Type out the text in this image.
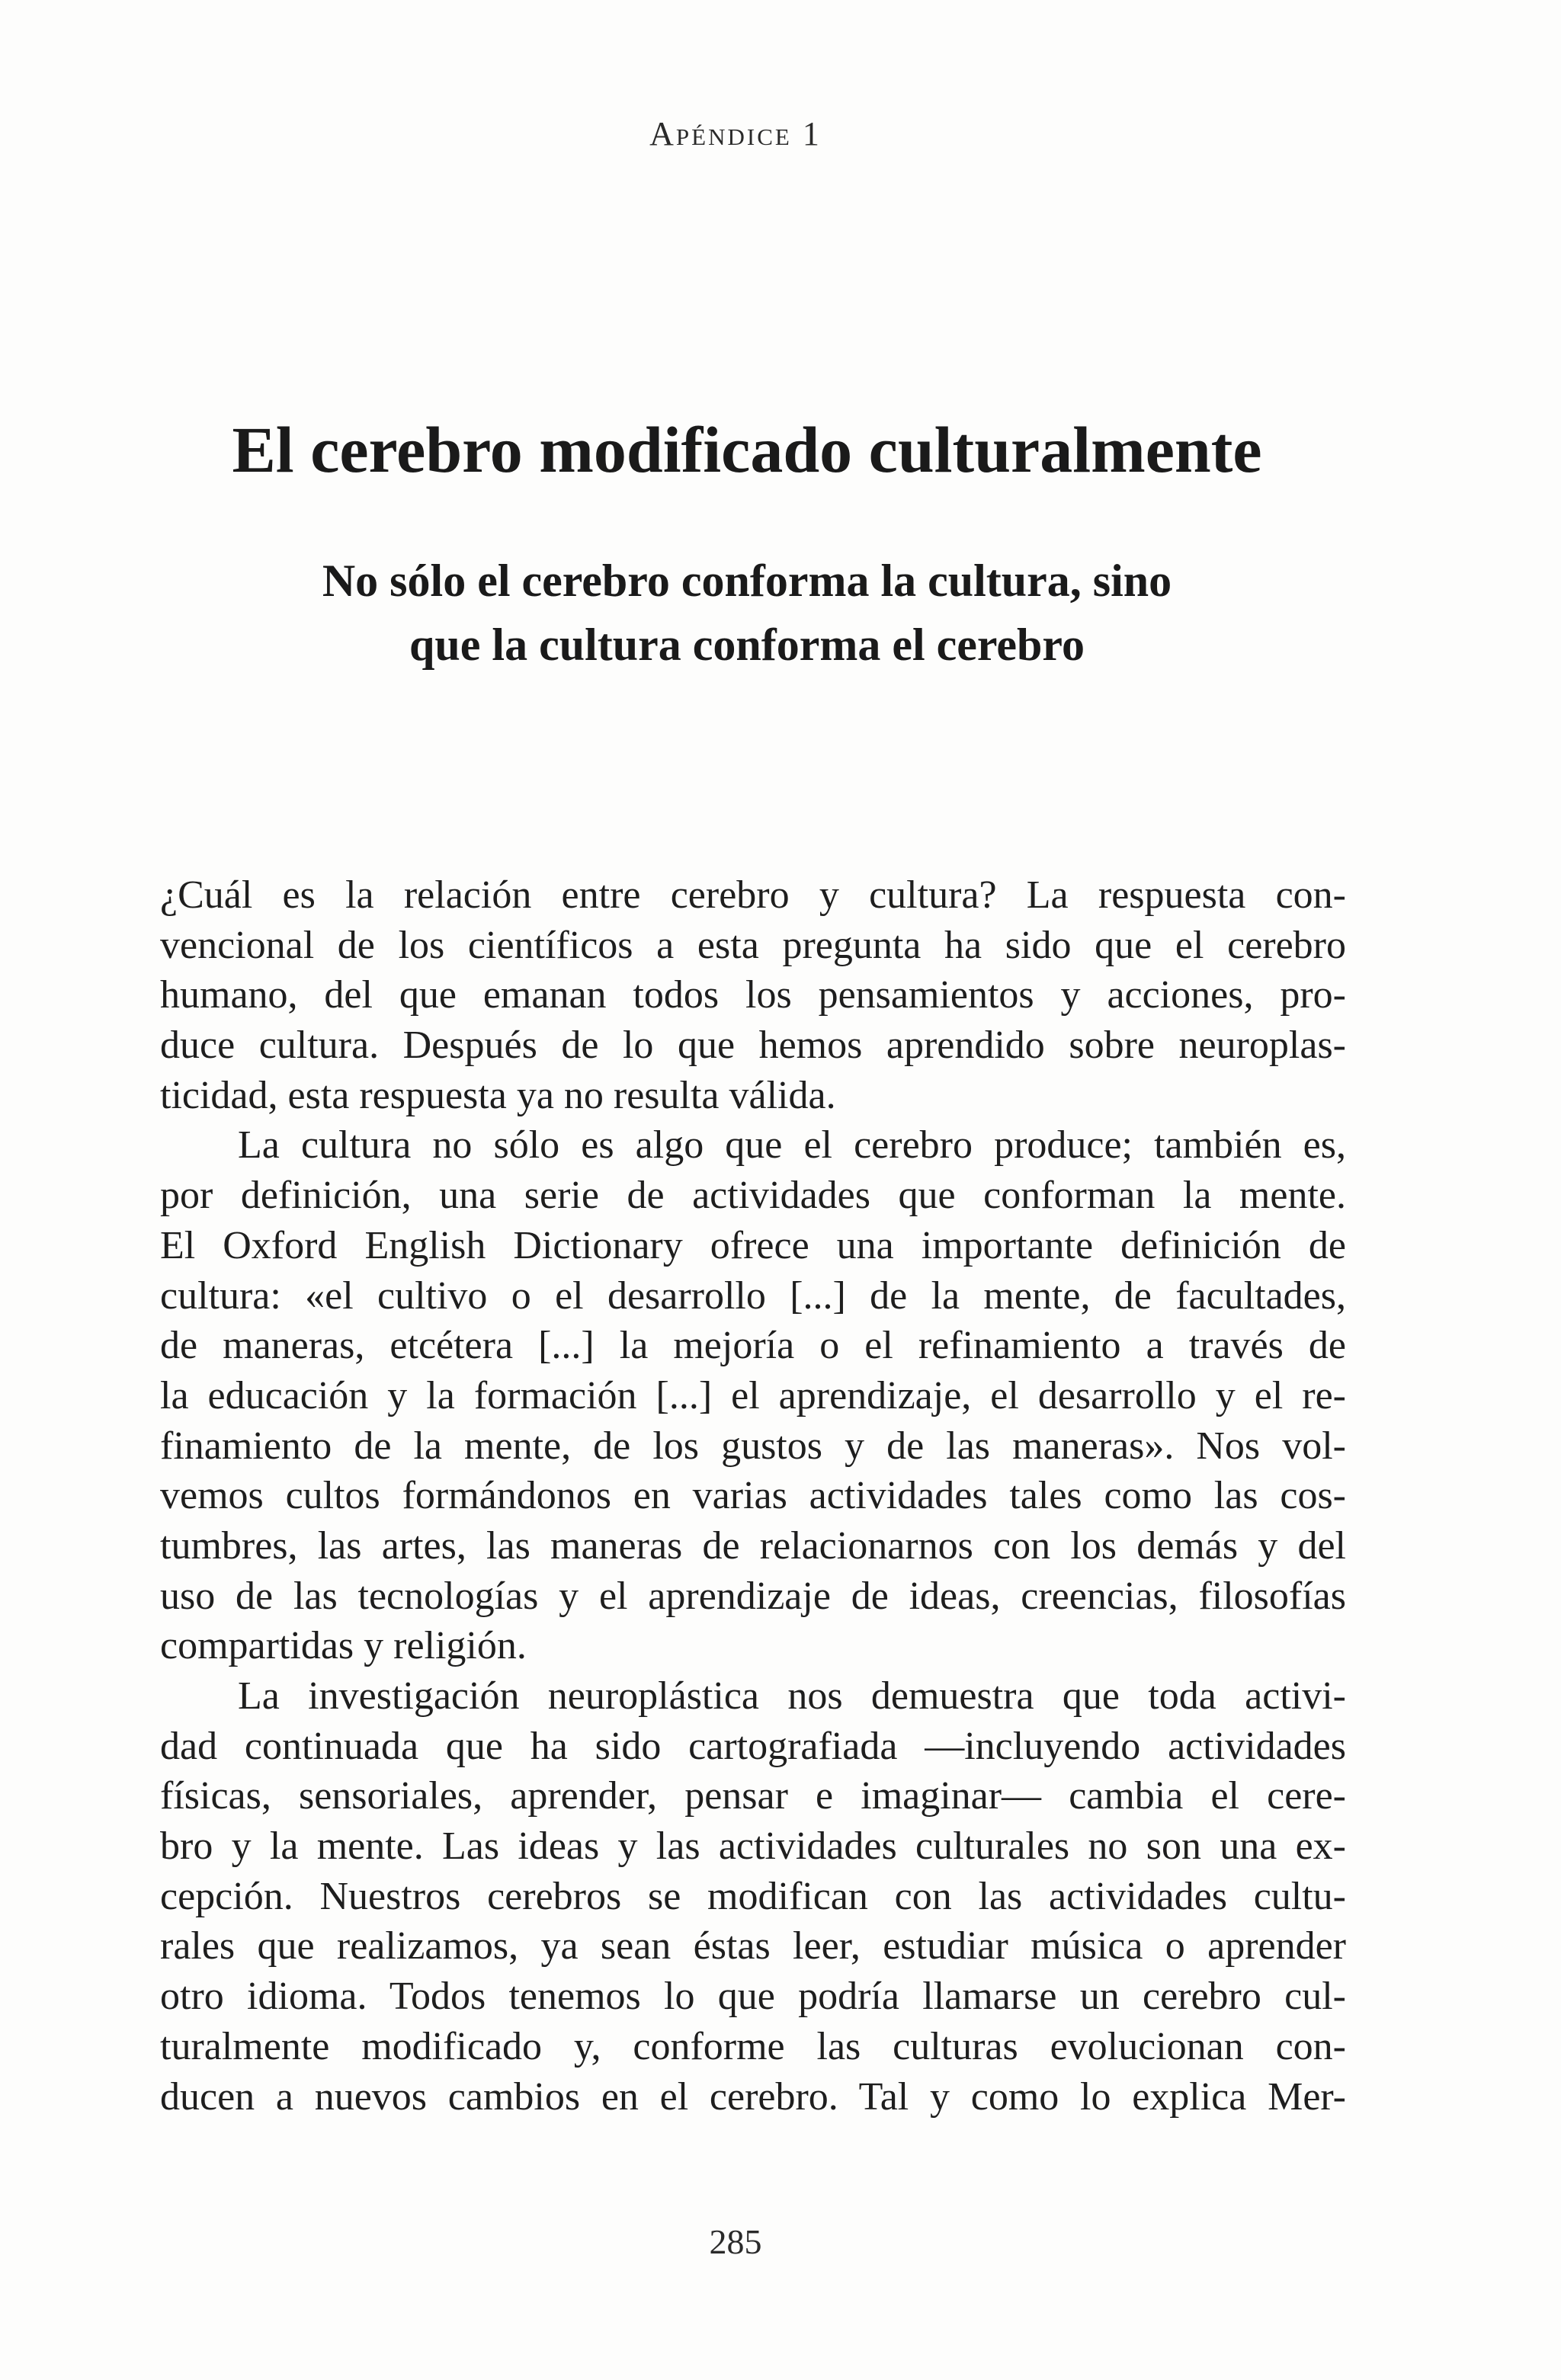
Apéndice 1
El cerebro modificado culturalmente
No sólo el cerebro conforma la cultura, sino
que la cultura conforma el cerebro
¿Cuál es la relación entre cerebro y cultura? La respuesta con-
vencional de los científicos a esta pregunta ha sido que el cerebro
humano, del que emanan todos los pensamientos y acciones, pro-
duce cultura. Después de lo que hemos aprendido sobre neuroplas-
ticidad, esta respuesta ya no resulta válida.
La cultura no sólo es algo que el cerebro produce; también es,
por definición, una serie de actividades que conforman la mente.
El Oxford English Dictionary ofrece una importante definición de
cultura: «el cultivo o el desarrollo [...] de la mente, de facultades,
de maneras, etcétera [...] la mejoría o el refinamiento a través de
la educación y la formación [...] el aprendizaje, el desarrollo y el re-
finamiento de la mente, de los gustos y de las maneras». Nos vol-
vemos cultos formándonos en varias actividades tales como las cos-
tumbres, las artes, las maneras de relacionarnos con los demás y del
uso de las tecnologías y el aprendizaje de ideas, creencias, filosofías
compartidas y religión.
La investigación neuroplástica nos demuestra que toda activi-
dad continuada que ha sido cartografiada —incluyendo actividades
físicas, sensoriales, aprender, pensar e imaginar— cambia el cere-
bro y la mente. Las ideas y las actividades culturales no son una ex-
cepción. Nuestros cerebros se modifican con las actividades cultu-
rales que realizamos, ya sean éstas leer, estudiar música o aprender
otro idioma. Todos tenemos lo que podría llamarse un cerebro cul-
turalmente modificado y, conforme las culturas evolucionan con-
ducen a nuevos cambios en el cerebro. Tal y como lo explica Mer-
285
